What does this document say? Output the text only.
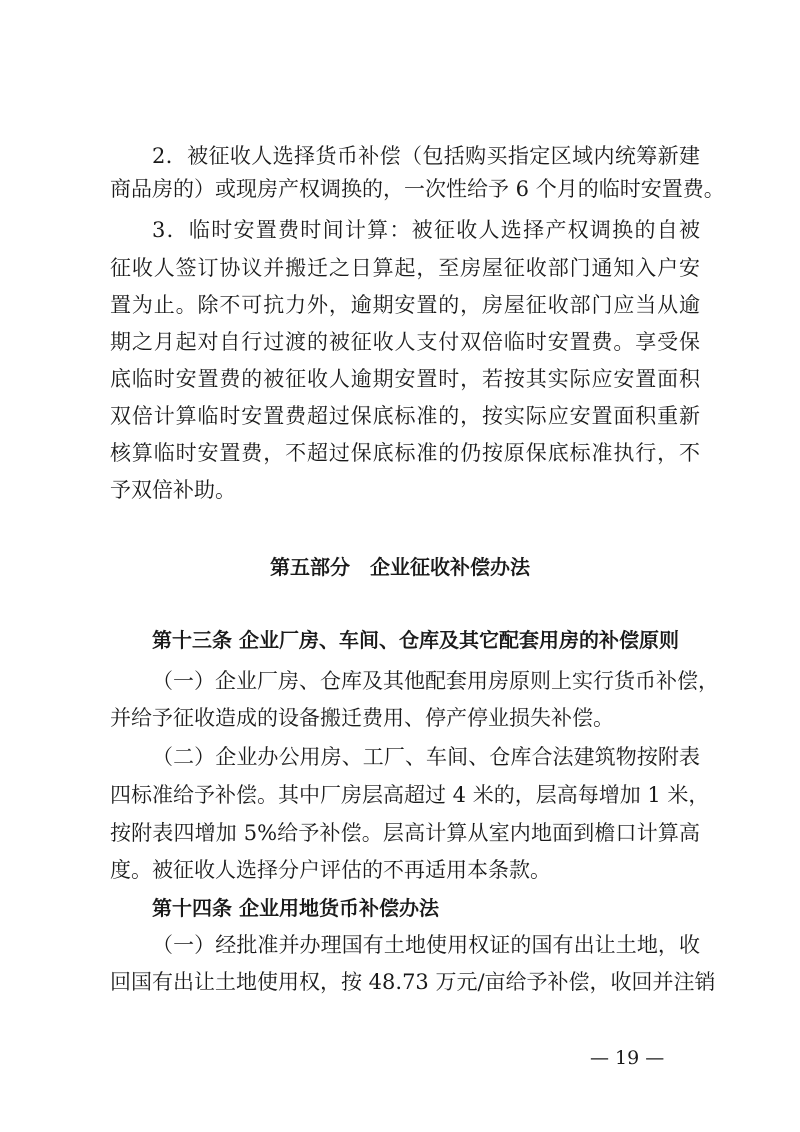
2．被征收人选择货币补偿（包括购买指定区域内统筹新建
商品房的）或现房产权调换的，一次性给予 6 个月的临时安置费。
3．临时安置费时间计算：被征收人选择产权调换的自被
征收人签订协议并搬迁之日算起，至房屋征收部门通知入户安
置为止。除不可抗力外，逾期安置的，房屋征收部门应当从逾
期之月起对自行过渡的被征收人支付双倍临时安置费。享受保
底临时安置费的被征收人逾期安置时，若按其实际应安置面积
双倍计算临时安置费超过保底标准的，按实际应安置面积重新
核算临时安置费，不超过保底标准的仍按原保底标准执行，不
予双倍补助。
第五部分　企业征收补偿办法
第十三条 企业厂房、车间、仓库及其它配套用房的补偿原则
（一）企业厂房、仓库及其他配套用房原则上实行货币补偿，
并给予征收造成的设备搬迁费用、停产停业损失补偿。
（二）企业办公用房、工厂、车间、仓库合法建筑物按附表
四标准给予补偿。其中厂房层高超过 4 米的，层高每增加 1 米，
按附表四增加 5%给予补偿。层高计算从室内地面到檐口计算高
度。被征收人选择分户评估的不再适用本条款。
第十四条 企业用地货币补偿办法
（一）经批准并办理国有土地使用权证的国有出让土地，收
回国有出让土地使用权，按 48.73 万元/亩给予补偿，收回并注销
— 19 —
